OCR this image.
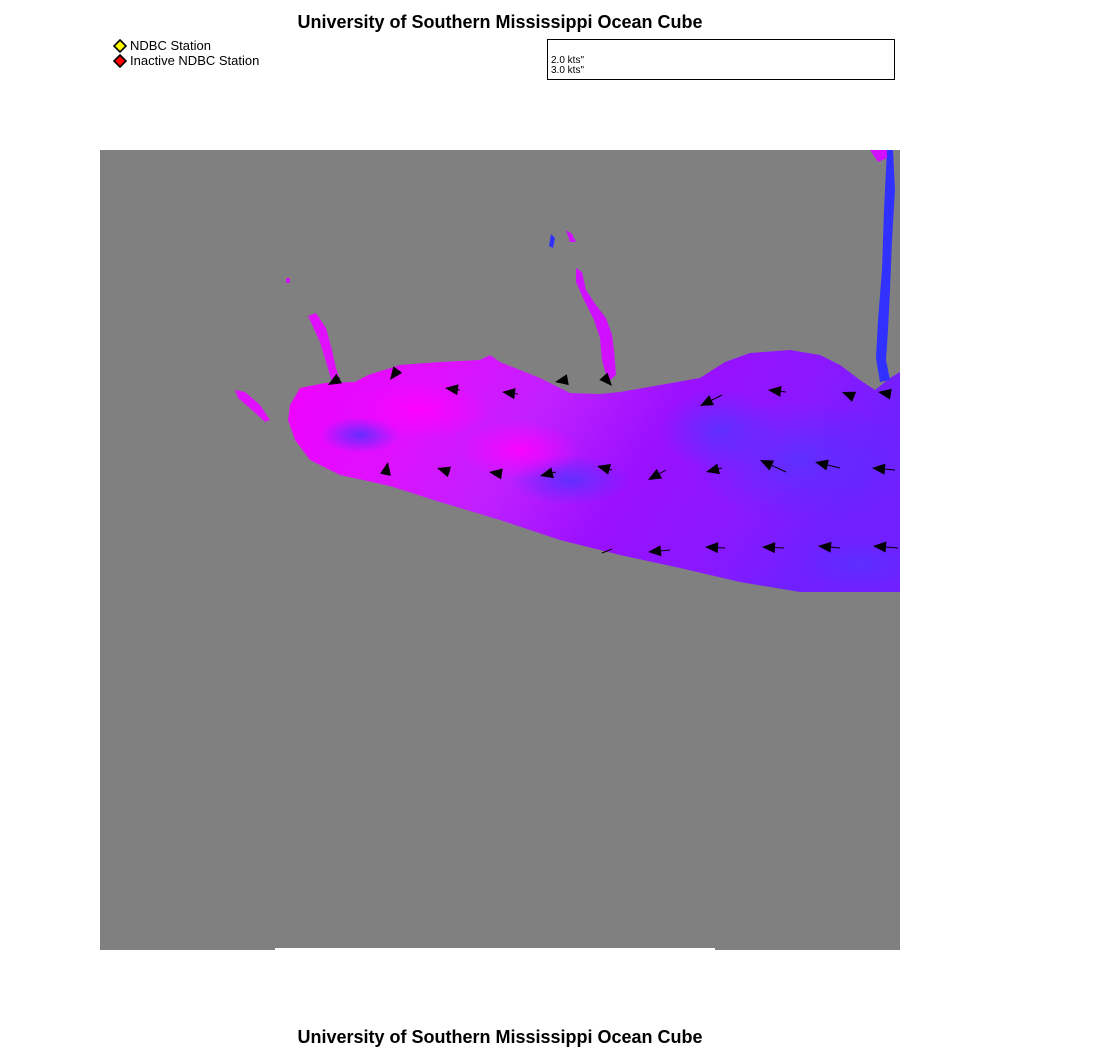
University of Southern Mississippi Ocean Cube
NDBC Station
Inactive NDBC Station	2.0 kts"
3.0 kts"
University of Southern Mississippi Ocean Cube
